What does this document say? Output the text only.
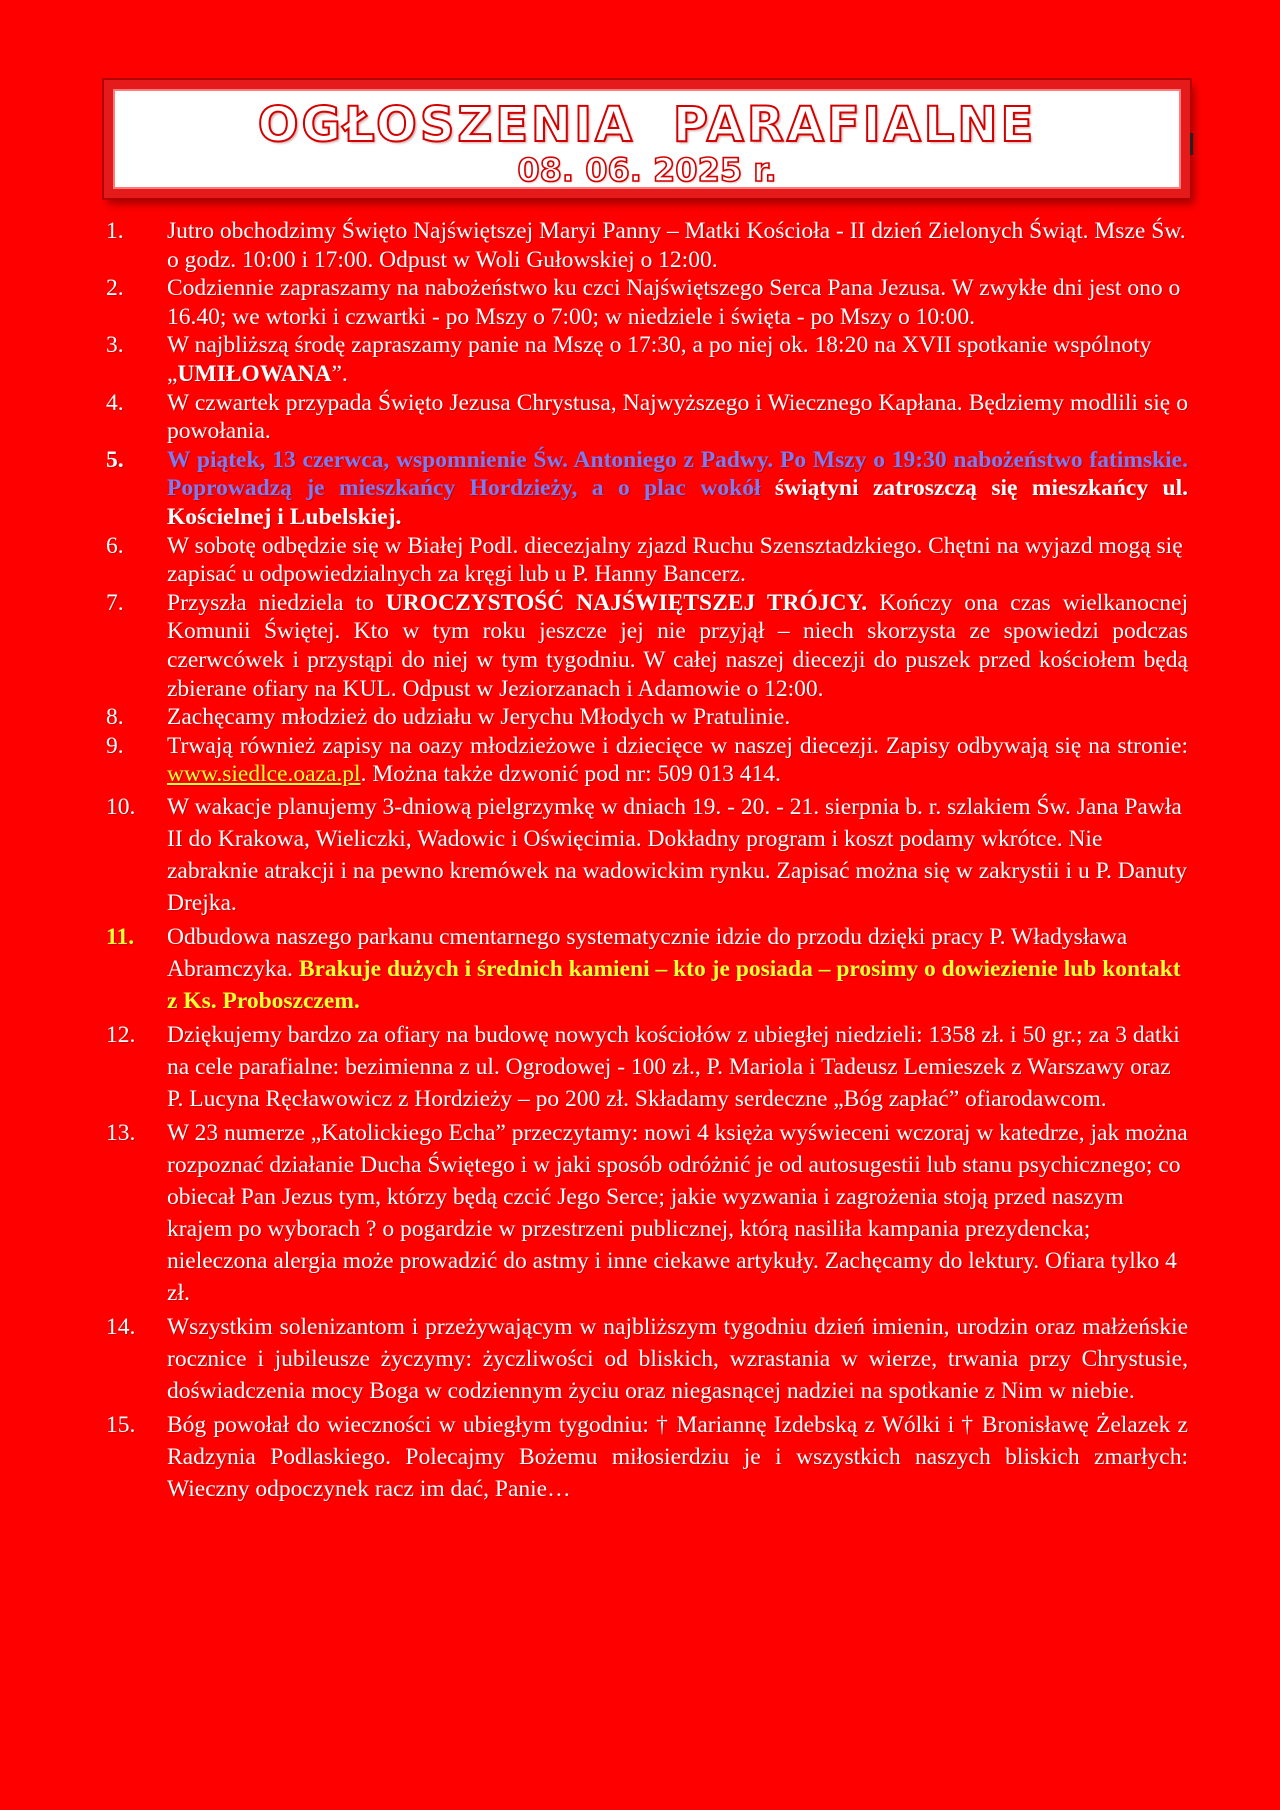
OGŁOSZENIA PARAFIALNE
08. 06. 2025 r.
1. Jutro obchodzimy Święto Najświętszej Maryi Panny – Matki Kościoła - II dzień Zielonych Świąt. Msze Św. o godz. 10:00 i 17:00. Odpust w Woli Gułowskiej o 12:00.
2. Codziennie zapraszamy na nabożeństwo ku czci Najświętszego Serca Pana Jezusa. W zwykłe dni jest ono o 16.40; we wtorki i czwartki - po Mszy o 7:00; w niedziele i święta - po Mszy o 10:00.
3. W najbliższą środę zapraszamy panie na Mszę o 17:30, a po niej ok. 18:20 na XVII spotkanie wspólnoty „UMIŁOWANA”.
4. W czwartek przypada Święto Jezusa Chrystusa, Najwyższego i Wiecznego Kapłana. Będziemy modlili się o powołania.
5. W piątek, 13 czerwca, wspomnienie Św. Antoniego z Padwy. Po Mszy o 19:30 nabożeństwo fatimskie. Poprowadzą je mieszkańcy Hordzieży, a o plac wokół świątyni zatroszczą się mieszkańcy ul. Kościelnej i Lubelskiej.
6. W sobotę odbędzie się w Białej Podl. diecezjalny zjazd Ruchu Szensztadzkiego. Chętni na wyjazd mogą się zapisać u odpowiedzialnych za kręgi lub u P. Hanny Bancerz.
7. Przyszła niedziela to UROCZYSTOŚĆ NAJŚWIĘTSZEJ TRÓJCY. Kończy ona czas wielkanocnej Komunii Świętej. Kto w tym roku jeszcze jej nie przyjął – niech skorzysta ze spowiedzi podczas czerwcówek i przystąpi do niej w tym tygodniu. W całej naszej diecezji do puszek przed kościołem będą zbierane ofiary na KUL. Odpust w Jeziorzanach i Adamowie o 12:00.
8. Zachęcamy młodzież do udziału w Jerychu Młodych w Pratulinie.
9. Trwają również zapisy na oazy młodzieżowe i dziecięce w naszej diecezji. Zapisy odbywają się na stronie: www.siedlce.oaza.pl. Można także dzwonić pod nr: 509 013 414.
10. W wakacje planujemy 3-dniową pielgrzymkę w dniach 19. - 20. - 21. sierpnia b. r. szlakiem Św. Jana Pawła II do Krakowa, Wieliczki, Wadowic i Oświęcimia. Dokładny program i koszt podamy wkrótce. Nie zabraknie atrakcji i na pewno kremówek na wadowickim rynku. Zapisać można się w zakrystii i u P. Danuty Drejka.
11. Odbudowa naszego parkanu cmentarnego systematycznie idzie do przodu dzięki pracy P. Władysława Abramczyka. Brakuje dużych i średnich kamieni – kto je posiada – prosimy o dowiezienie lub kontakt z Ks. Proboszczem.
12. Dziękujemy bardzo za ofiary na budowę nowych kościołów z ubiegłej niedzieli: 1358 zł. i 50 gr.; za 3 datki na cele parafialne: bezimienna z ul. Ogrodowej - 100 zł., P. Mariola i Tadeusz Lemieszek z Warszawy oraz P. Lucyna Ręcławowicz z Hordzieży – po 200 zł. Składamy serdeczne „Bóg zapłać” ofiarodawcom.
13. W 23 numerze „Katolickiego Echa” przeczytamy: nowi 4 księża wyświeceni wczoraj w katedrze, jak można rozpoznać działanie Ducha Świętego i w jaki sposób odróżnić je od autosugestii lub stanu psychicznego; co obiecał Pan Jezus tym, którzy będą czcić Jego Serce; jakie wyzwania i zagrożenia stoją przed naszym krajem po wyborach ? o pogardzie w przestrzeni publicznej, którą nasiliła kampania prezydencka; nieleczona alergia może prowadzić do astmy i inne ciekawe artykuły. Zachęcamy do lektury. Ofiara tylko 4 zł.
14. Wszystkim solenizantom i przeżywającym w najbliższym tygodniu dzień imienin, urodzin oraz małżeńskie rocznice i jubileusze życzymy: życzliwości od bliskich, wzrastania w wierze, trwania przy Chrystusie, doświadczenia mocy Boga w codziennym życiu oraz niegasnącej nadziei na spotkanie z Nim w niebie.
15. Bóg powołał do wieczności w ubiegłym tygodniu: † Mariannę Izdebską z Wólki i † Bronisławę Żelazek z Radzynia Podlaskiego. Polecajmy Bożemu miłosierdziu je i wszystkich naszych bliskich zmarłych: Wieczny odpoczynek racz im dać, Panie…
